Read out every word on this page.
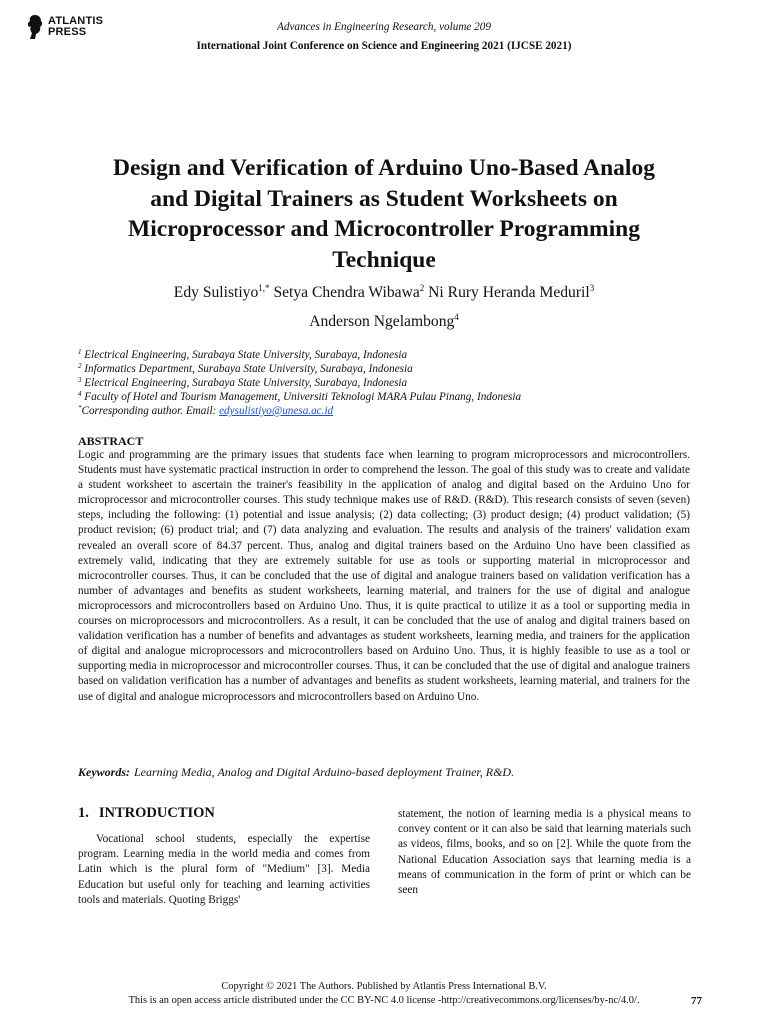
ATLANTIS
PRESS	Advances in Engineering Research, volume 209
International Joint Conference on Science and Engineering 2021 (IJCSE 2021)
Design and Verification of Arduino Uno-Based Analog
and Digital Trainers as Student Worksheets on
Microprocessor and Microcontroller Programming
Technique
Edy Sulistiyo$^{1,*}$ Setya Chendra Wibawa$^2$ Ni Rury Heranda Meduril$^3$
Anderson Ngelambong$^4$
$^1$ Electrical Engineering, Surabaya State University, Surabaya, Indonesia
$^2$ Informatics Department, Surabaya State University, Surabaya, Indonesia
$^3$ Electrical Engineering, Surabaya State University, Surabaya, Indonesia
$^4$ Faculty of Hotel and Tourism Management, Universiti Teknologi MARA Pulau Pinang, Indonesia
*Corresponding author. Email: edysulistiyo@unesa.ac.id
ABSTRACT
Logic and programming are the primary issues that students face when learning to program microprocessors and microcontrollers. Students must have systematic practical instruction in order to comprehend the lesson. The goal of this study was to create and validate a student worksheet to ascertain the trainer's feasibility in the application of analog and digital based on the Arduino Uno for microprocessor and microcontroller courses. This study technique makes use of R&D. (R&D). This research consists of seven (seven) steps, including the following: (1) potential and issue analysis; (2) data collecting; (3) product design; (4) product validation; (5) product revision; (6) product trial; and (7) data analyzing and evaluation. The results and analysis of the trainers' validation exam revealed an overall score of 84.37 percent. Thus, analog and digital trainers based on the Arduino Uno have been classified as extremely valid, indicating that they are extremely suitable for use as tools or supporting material in microprocessor and microcontroller courses. Thus, it can be concluded that the use of digital and analogue trainers based on validation verification has a number of advantages and benefits as student worksheets, learning material, and trainers for the use of digital and analogue microprocessors and microcontrollers based on Arduino Uno. Thus, it is quite practical to utilize it as a tool or supporting media in courses on microprocessors and microcontrollers. As a result, it can be concluded that the use of analog and digital trainers based on validation verification has a number of benefits and advantages as student worksheets, learning media, and trainers for the application of digital and analogue microprocessors and microcontrollers based on Arduino Uno. Thus, it is highly feasible to use as a tool or supporting media in microprocessor and microcontroller courses. Thus, it can be concluded that the use of digital and analogue trainers based on validation verification has a number of advantages and benefits as student worksheets, learning material, and trainers for the use of digital and analogue microprocessors and microcontrollers based on Arduino Uno.
Keywords: Learning Media, Analog and Digital Arduino-based deployment Trainer, R&D.
1. INTRODUCTION
Vocational school students, especially the expertise program. Learning media in the world media and comes from Latin which is the plural form of "Medium" [3]. Media Education but useful only for teaching and learning activities tools and materials. Quoting Briggs'
statement, the notion of learning media is a physical means to convey content or it can also be said that learning materials such as videos, films, books, and so on [2]. While the quote from the National Education Association says that learning media is a means of communication in the form of print or which can be seen
Copyright © 2021 The Authors. Published by Atlantis Press International B.V.
This is an open access article distributed under the CC BY-NC 4.0 license -http://creativecommons.org/licenses/by-nc/4.0/.	77
